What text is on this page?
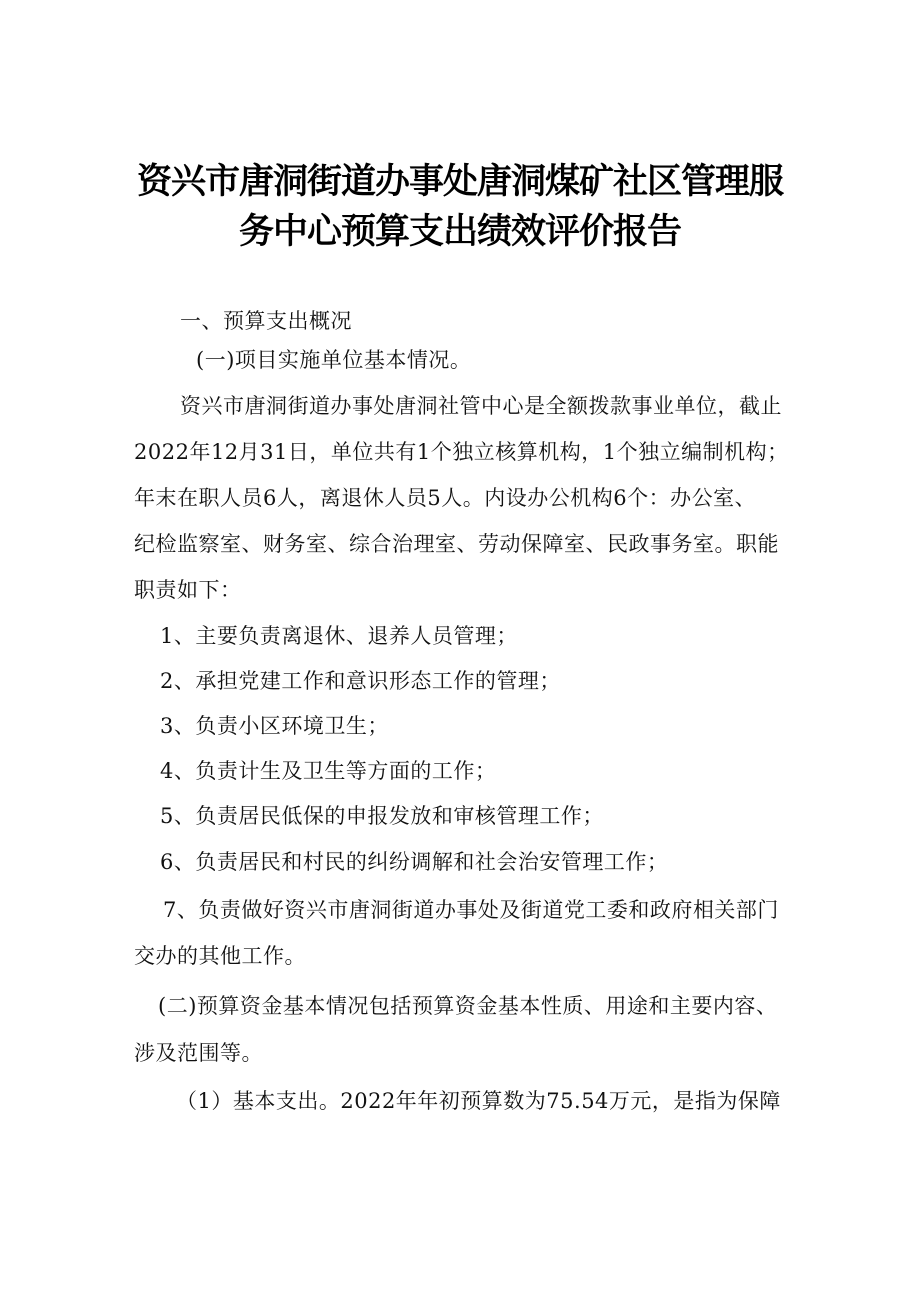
资兴市唐洞街道办事处唐洞煤矿社区管理服
务中心预算支出绩效评价报告

一、预算支出概况

(一)项目实施单位基本情况。

资兴市唐洞街道办事处唐洞社管中心是全额拨款事业单位，截止

2022年12月31日，单位共有1个独立核算机构，1个独立编制机构；

年末在职人员6人，离退休人员5人。内设办公机构6个：办公室、

纪检监察室、财务室、综合治理室、劳动保障室、民政事务室。职能

职责如下：

1、主要负责离退休、退养人员管理；

2、承担党建工作和意识形态工作的管理；

3、负责小区环境卫生；

4、负责计生及卫生等方面的工作；

5、负责居民低保的申报发放和审核管理工作；

6、负责居民和村民的纠纷调解和社会治安管理工作；

7、负责做好资兴市唐洞街道办事处及街道党工委和政府相关部门

交办的其他工作。

(二)预算资金基本情况包括预算资金基本性质、用途和主要内容、

涉及范围等。

（1）基本支出。2022年年初预算数为75.54万元，是指为保障
